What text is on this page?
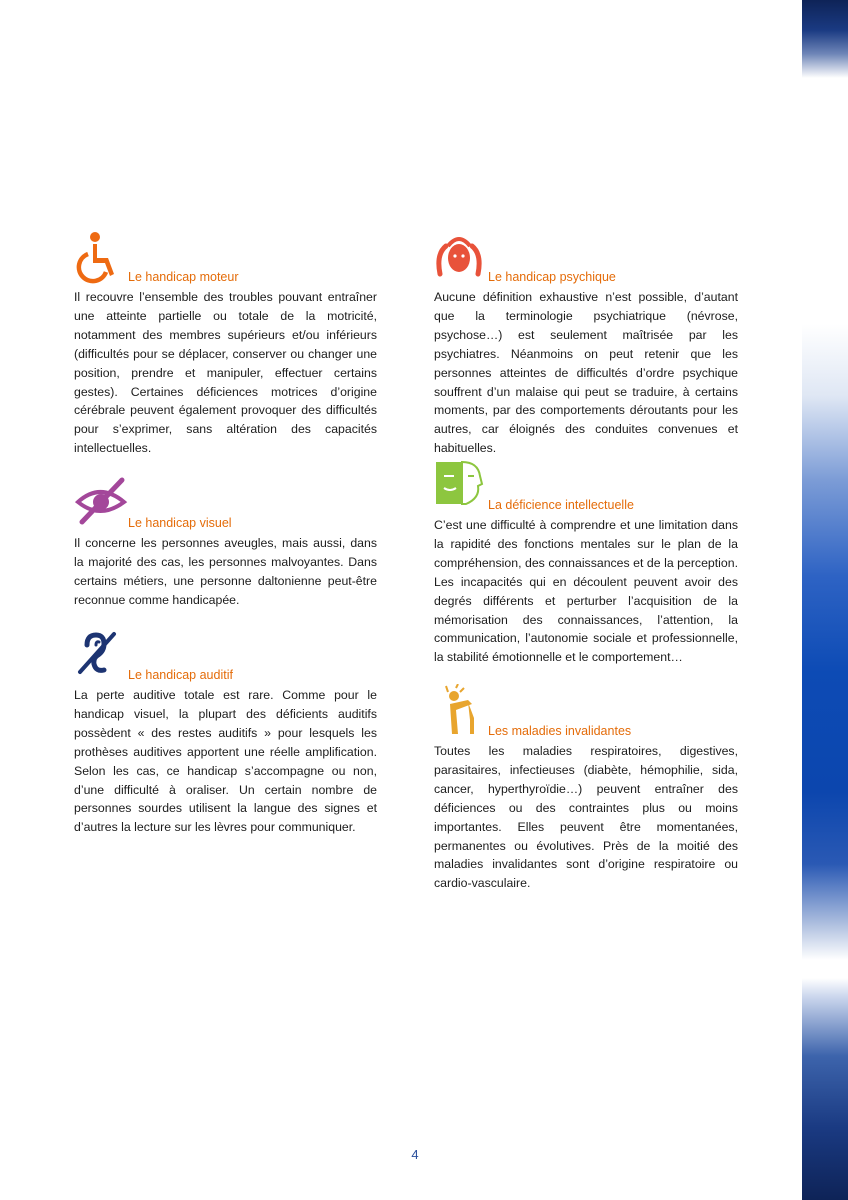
Le handicap moteur
Il recouvre l’ensemble des troubles pouvant entraîner une atteinte partielle ou totale de la motricité, notamment des membres supérieurs et/ou inférieurs (difficultés pour se déplacer, conserver ou changer une position, prendre et manipuler, effectuer certains gestes). Certaines déficiences motrices d’origine cérébrale peuvent également provoquer des difficultés pour s’exprimer, sans altération des capacités intellectuelles.
Le handicap visuel
Il concerne les personnes aveugles, mais aussi, dans la majorité des cas, les personnes malvoyantes. Dans certains métiers, une personne daltonienne peut-être reconnue comme handicapée.
Le handicap auditif
La perte auditive totale est rare. Comme pour le handicap visuel, la plupart des déficients auditifs possèdent « des restes auditifs » pour lesquels les prothèses auditives apportent une réelle amplification. Selon les cas, ce handicap s’accompagne ou non, d’une difficulté à oraliser. Un certain nombre de personnes sourdes utilisent la langue des signes et d’autres la lecture sur les lèvres pour communiquer.
Le handicap psychique
Aucune définition exhaustive n’est possible, d’autant que la terminologie psychiatrique (névrose, psychose…) est seulement maîtrisée par les psychiatres. Néanmoins on peut retenir que les personnes atteintes de difficultés d’ordre psychique souffrent d’un malaise qui peut se traduire, à certains moments, par des comportements déroutants pour les autres, car éloignés des conduites convenues et habituelles.
La déficience intellectuelle
C’est une difficulté à comprendre et une limitation dans la rapidité des fonctions mentales sur le plan de la compréhension, des connaissances et de la perception. Les incapacités qui en découlent peuvent avoir des degrés différents et perturber l’acquisition de la mémorisation des connaissances, l’attention, la communication, l’autonomie sociale et professionnelle, la stabilité émotionnelle et le comportement…
Les maladies invalidantes
Toutes les maladies respiratoires, digestives, parasitaires, infectieuses (diabète, hémophilie, sida, cancer, hyperthyroïdie…) peuvent entraîner des déficiences ou des contraintes plus ou moins importantes. Elles peuvent être momentanées, permanentes ou évolutives. Près de la moitié des maladies invalidantes sont d’origine respiratoire ou cardio-vasculaire.
4
